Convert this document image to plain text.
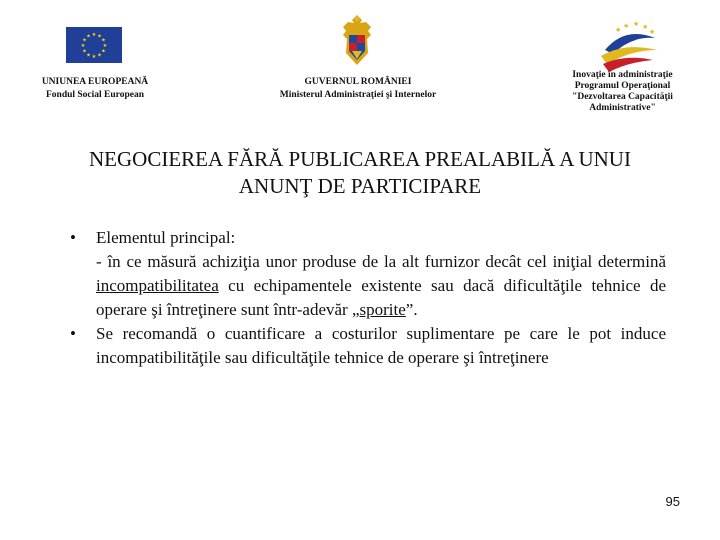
★ ★
★
★
★
★
★
★
★
★
★
★
UNIUNEA EUROPEANĂ
Fondul Social European
GUVERNUL ROMÂNIEI
Ministerul Administraţiei şi Internelor
★ ★ ★
★
★
Inovaţie în administraţie
Programul Operaţional
"Dezvoltarea Capacităţii
Administrative"
NEGOCIEREA FĂRĂ PUBLICAREA PREALABILĂ A UNUI
ANUNŢ DE PARTICIPARE
• Elementul principal:
- în ce măsură achiziţia unor produse de la alt furnizor decât cel iniţial determină incompatibilitatea cu echipamentele existente sau dacă dificultăţile tehnice de operare şi întreţinere sunt într-adevăr „sporite”.
• Se recomandă o cuantificare a costurilor suplimentare pe care le pot induce incompatibilităţile sau dificultăţile tehnice de operare şi întreţinere
95
